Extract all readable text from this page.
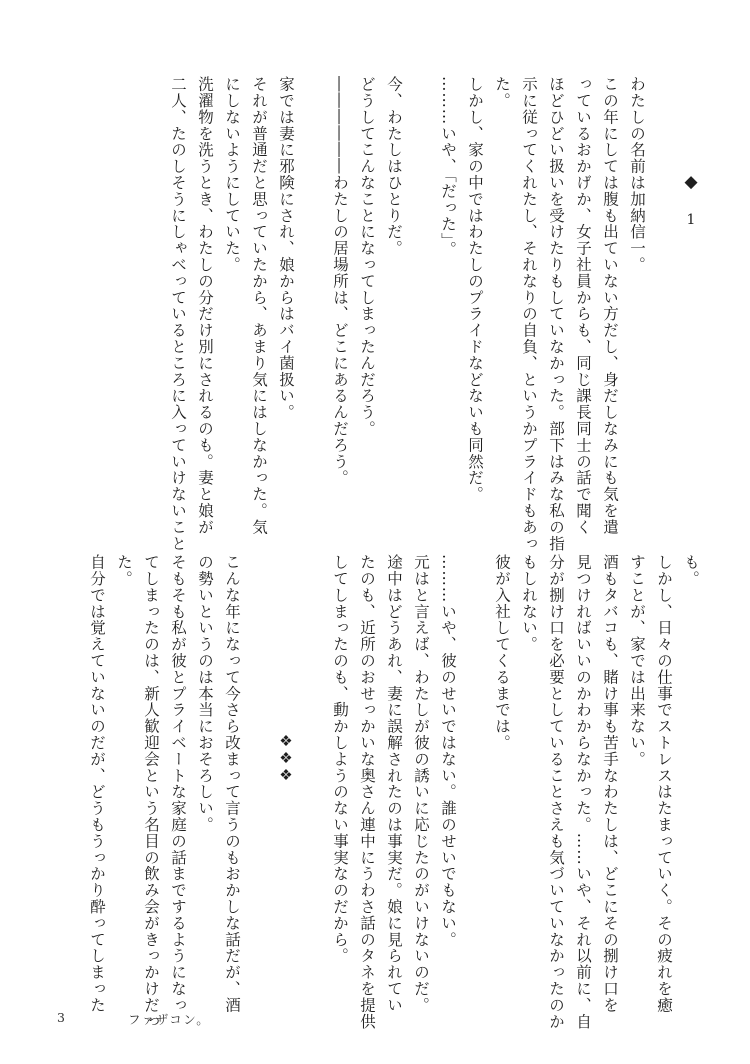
◆ 1
わたしの名前は加納信一。
この年にしては腹も出ていない方だし、身だしなみにも気を遣
っているおかげか、女子社員からも、同じ課長同士の話で聞く
ほどひどい扱いを受けたりもしていなかった。部下はみな私の指
示に従ってくれたし、それなりの自負、というかプライドもあっ
た。
しかし、家の中ではわたしのプライドなどないも同然だ。
………いや、「だった」。
今、わたしはひとりだ。
どうしてこんなことになってしまったんだろう。
――――――わたしの居場所は、どこにあるんだろう。
家では妻に邪険にされ、娘からはバイ菌扱い。
それが普通だと思っていたから、あまり気にはしなかった。気
にしないようにしていた。
洗濯物を洗うとき、わたしの分だけ別にされるのも。妻と娘が
二人、たのしそうにしゃべっているところに入っていけないこと
も。
しかし、日々の仕事でストレスはたまっていく。その疲れを癒
すことが、家では出来ない。
酒もタバコも、賭け事も苦手なわたしは、どこにその捌け口を
見つければいいのかわからなかった。……いや、それ以前に、自
分が捌け口を必要としていることさえも気づいていなかったのか
もしれない。
彼が入社してくるまでは。
………いや、彼のせいではない。誰のせいでもない。
元はと言えば、わたしが彼の誘いに応じたのがいけないのだ。
途中はどうあれ、妻に誤解されたのは事実だ。娘に見られてい
たのも、近所のおせっかいな奥さん連中にうわさ話のタネを提供
してしまったのも、動かしようのない事実なのだから。
❖❖❖
こんな年になって今さら改まって言うのもおかしな話だが、酒
の勢いというのは本当におそろしい。
そもそも私が彼とプライベートな家庭の話までするようになっ
てしまったのは、新人歓迎会という名目の飲み会がきっかけだっ
た。
自分では覚えていないのだが、どうもうっかり酔ってしまった
3	ファザコン。
